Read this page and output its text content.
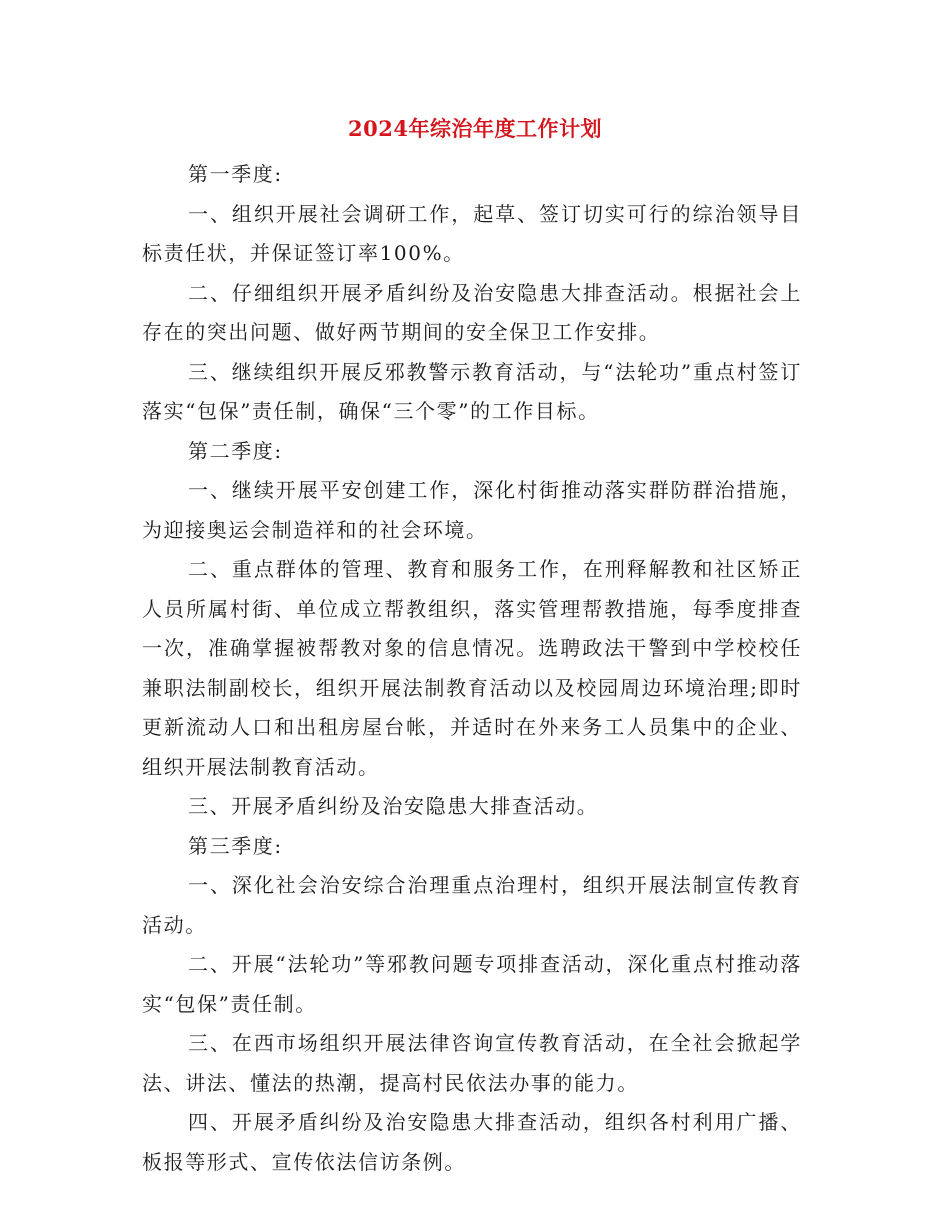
2024年综治年度工作计划

第一季度:

一、组织开展社会调研工作，起草、签订切实可行的综治领导目标责任状，并保证签订率100%。

二、仔细组织开展矛盾纠纷及治安隐患大排查活动。根据社会上存在的突出问题、做好两节期间的安全保卫工作安排。

三、继续组织开展反邪教警示教育活动，与“法轮功”重点村签订落实“包保”责任制，确保“三个零”的工作目标。

第二季度:

一、继续开展平安创建工作，深化村街推动落实群防群治措施，为迎接奥运会制造祥和的社会环境。

二、重点群体的管理、教育和服务工作，在刑释解教和社区矫正人员所属村街、单位成立帮教组织，落实管理帮教措施，每季度排查一次，准确掌握被帮教对象的信息情况。选聘政法干警到中学校校任兼职法制副校长，组织开展法制教育活动以及校园周边环境治理;即时更新流动人口和出租房屋台帐，并适时在外来务工人员集中的企业、组织开展法制教育活动。

三、开展矛盾纠纷及治安隐患大排查活动。

第三季度:

一、深化社会治安综合治理重点治理村，组织开展法制宣传教育活动。

二、开展“法轮功”等邪教问题专项排查活动，深化重点村推动落实“包保”责任制。

三、在西市场组织开展法律咨询宣传教育活动，在全社会掀起学法、讲法、懂法的热潮，提高村民依法办事的能力。

四、开展矛盾纠纷及治安隐患大排查活动，组织各村利用广播、板报等形式、宣传依法信访条例。
